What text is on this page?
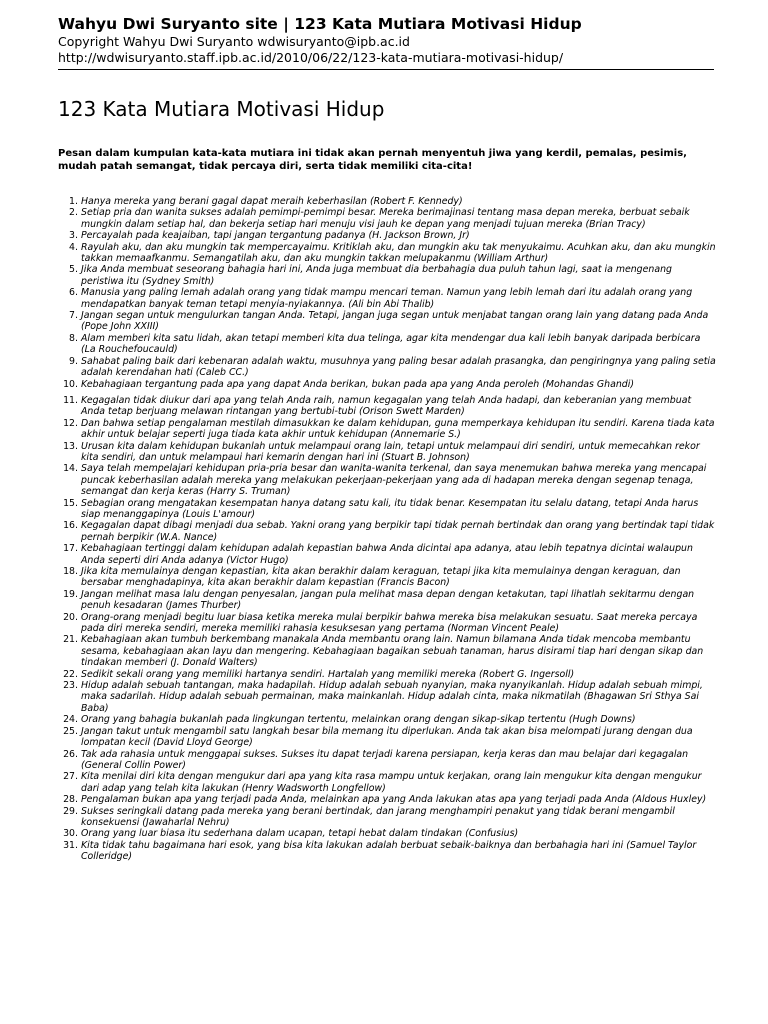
Wahyu Dwi Suryanto site | 123 Kata Mutiara Motivasi Hidup
Copyright Wahyu Dwi Suryanto wdwisuryanto@ipb.ac.id
http://wdwisuryanto.staff.ipb.ac.id/2010/06/22/123-kata-mutiara-motivasi-hidup/
123 Kata Mutiara Motivasi Hidup

Pesan dalam kumpulan kata-kata mutiara ini tidak akan pernah menyentuh jiwa yang kerdil, pemalas, pesimis, mudah patah semangat, tidak percaya diri, serta tidak memiliki cita-cita!

1. Hanya mereka yang berani gagal dapat meraih keberhasilan (Robert F. Kennedy)
2. Setiap pria dan wanita sukses adalah pemimpi-pemimpi besar. Mereka berimajinasi tentang masa depan mereka, berbuat sebaik mungkin dalam setiap hal, dan bekerja setiap hari menuju visi jauh ke depan yang menjadi tujuan mereka (Brian Tracy)
3. Percayalah pada keajaiban, tapi jangan tergantung padanya (H. Jackson Brown, Jr)
4. Rayulah aku, dan aku mungkin tak mempercayaimu. Kritiklah aku, dan mungkin aku tak menyukaimu. Acuhkan aku, dan aku mungkin takkan memaafkanmu. Semangatilah aku, dan aku mungkin takkan melupakanmu (William Arthur)
5. Jika Anda membuat seseorang bahagia hari ini, Anda juga membuat dia berbahagia dua puluh tahun lagi, saat ia mengenang peristiwa itu (Sydney Smith)
6. Manusia yang paling lemah adalah orang yang tidak mampu mencari teman. Namun yang lebih lemah dari itu adalah orang yang mendapatkan banyak teman tetapi menyia-nyiakannya. (Ali bin Abi Thalib)
7. Jangan segan untuk mengulurkan tangan Anda. Tetapi, jangan juga segan untuk menjabat tangan orang lain yang datang pada Anda (Pope John XXIII)
8. Alam memberi kita satu lidah, akan tetapi memberi kita dua telinga, agar kita mendengar dua kali lebih banyak daripada berbicara (La Rouchefoucauld)
9. Sahabat paling baik dari kebenaran adalah waktu, musuhnya yang paling besar adalah prasangka, dan pengiringnya yang paling setia adalah kerendahan hati (Caleb CC.)
10. Kebahagiaan tergantung pada apa yang dapat Anda berikan, bukan pada apa yang Anda peroleh (Mohandas Ghandi)
11. Kegagalan tidak diukur dari apa yang telah Anda raih, namun kegagalan yang telah Anda hadapi, dan keberanian yang membuat Anda tetap berjuang melawan rintangan yang bertubi-tubi (Orison Swett Marden)
12. Dan bahwa setiap pengalaman mestilah dimasukkan ke dalam kehidupan, guna memperkaya kehidupan itu sendiri. Karena tiada kata akhir untuk belajar seperti juga tiada kata akhir untuk kehidupan (Annemarie S.)
13. Urusan kita dalam kehidupan bukanlah untuk melampaui orang lain, tetapi untuk melampaui diri sendiri, untuk memecahkan rekor kita sendiri, dan untuk melampaui hari kemarin dengan hari ini (Stuart B. Johnson)
14. Saya telah mempelajari kehidupan pria-pria besar dan wanita-wanita terkenal, dan saya menemukan bahwa mereka yang mencapai puncak keberhasilan adalah mereka yang melakukan pekerjaan-pekerjaan yang ada di hadapan mereka dengan segenap tenaga, semangat dan kerja keras (Harry S. Truman)
15. Sebagian orang mengatakan kesempatan hanya datang satu kali, itu tidak benar. Kesempatan itu selalu datang, tetapi Anda harus siap menanggapinya (Louis L'amour)
16. Kegagalan dapat dibagi menjadi dua sebab. Yakni orang yang berpikir tapi tidak pernah bertindak dan orang yang bertindak tapi tidak pernah berpikir (W.A. Nance)
17. Kebahagiaan tertinggi dalam kehidupan adalah kepastian bahwa Anda dicintai apa adanya, atau lebih tepatnya dicintai walaupun Anda seperti diri Anda adanya (Victor Hugo)
18. Jika kita memulainya dengan kepastian, kita akan berakhir dalam keraguan, tetapi jika kita memulainya dengan keraguan, dan bersabar menghadapinya, kita akan berakhir dalam kepastian (Francis Bacon)
19. Jangan melihat masa lalu dengan penyesalan, jangan pula melihat masa depan dengan ketakutan, tapi lihatlah sekitarmu dengan penuh kesadaran (James Thurber)
20. Orang-orang menjadi begitu luar biasa ketika mereka mulai berpikir bahwa mereka bisa melakukan sesuatu. Saat mereka percaya pada diri mereka sendiri, mereka memiliki rahasia kesuksesan yang pertama (Norman Vincent Peale)
21. Kebahagiaan akan tumbuh berkembang manakala Anda membantu orang lain. Namun bilamana Anda tidak mencoba membantu sesama, kebahagiaan akan layu dan mengering. Kebahagiaan bagaikan sebuah tanaman, harus disirami tiap hari dengan sikap dan tindakan memberi (J. Donald Walters)
22. Sedikit sekali orang yang memiliki hartanya sendiri. Hartalah yang memiliki mereka (Robert G. Ingersoll)
23. Hidup adalah sebuah tantangan, maka hadapilah. Hidup adalah sebuah nyanyian, maka nyanyikanlah. Hidup adalah sebuah mimpi, maka sadarilah. Hidup adalah sebuah permainan, maka mainkanlah. Hidup adalah cinta, maka nikmatilah (Bhagawan Sri Sthya Sai Baba)
24. Orang yang bahagia bukanlah pada lingkungan tertentu, melainkan orang dengan sikap-sikap tertentu (Hugh Downs)
25. Jangan takut untuk mengambil satu langkah besar bila memang itu diperlukan. Anda tak akan bisa melompati jurang dengan dua lompatan kecil (David Lloyd George)
26. Tak ada rahasia untuk menggapai sukses. Sukses itu dapat terjadi karena persiapan, kerja keras dan mau belajar dari kegagalan (General Collin Power)
27. Kita menilai diri kita dengan mengukur dari apa yang kita rasa mampu untuk kerjakan, orang lain mengukur kita dengan mengukur dari adap yang telah kita lakukan (Henry Wadsworth Longfellow)
28. Pengalaman bukan apa yang terjadi pada Anda, melainkan apa yang Anda lakukan atas apa yang terjadi pada Anda (Aldous Huxley)
29. Sukses seringkali datang pada mereka yang berani bertindak, dan jarang menghampiri penakut yang tidak berani mengambil konsekuensi (Jawaharlal Nehru)
30. Orang yang luar biasa itu sederhana dalam ucapan, tetapi hebat dalam tindakan (Confusius)
31. Kita tidak tahu bagaimana hari esok, yang bisa kita lakukan adalah berbuat sebaik-baiknya dan berbahagia hari ini (Samuel Taylor Colleridge)
